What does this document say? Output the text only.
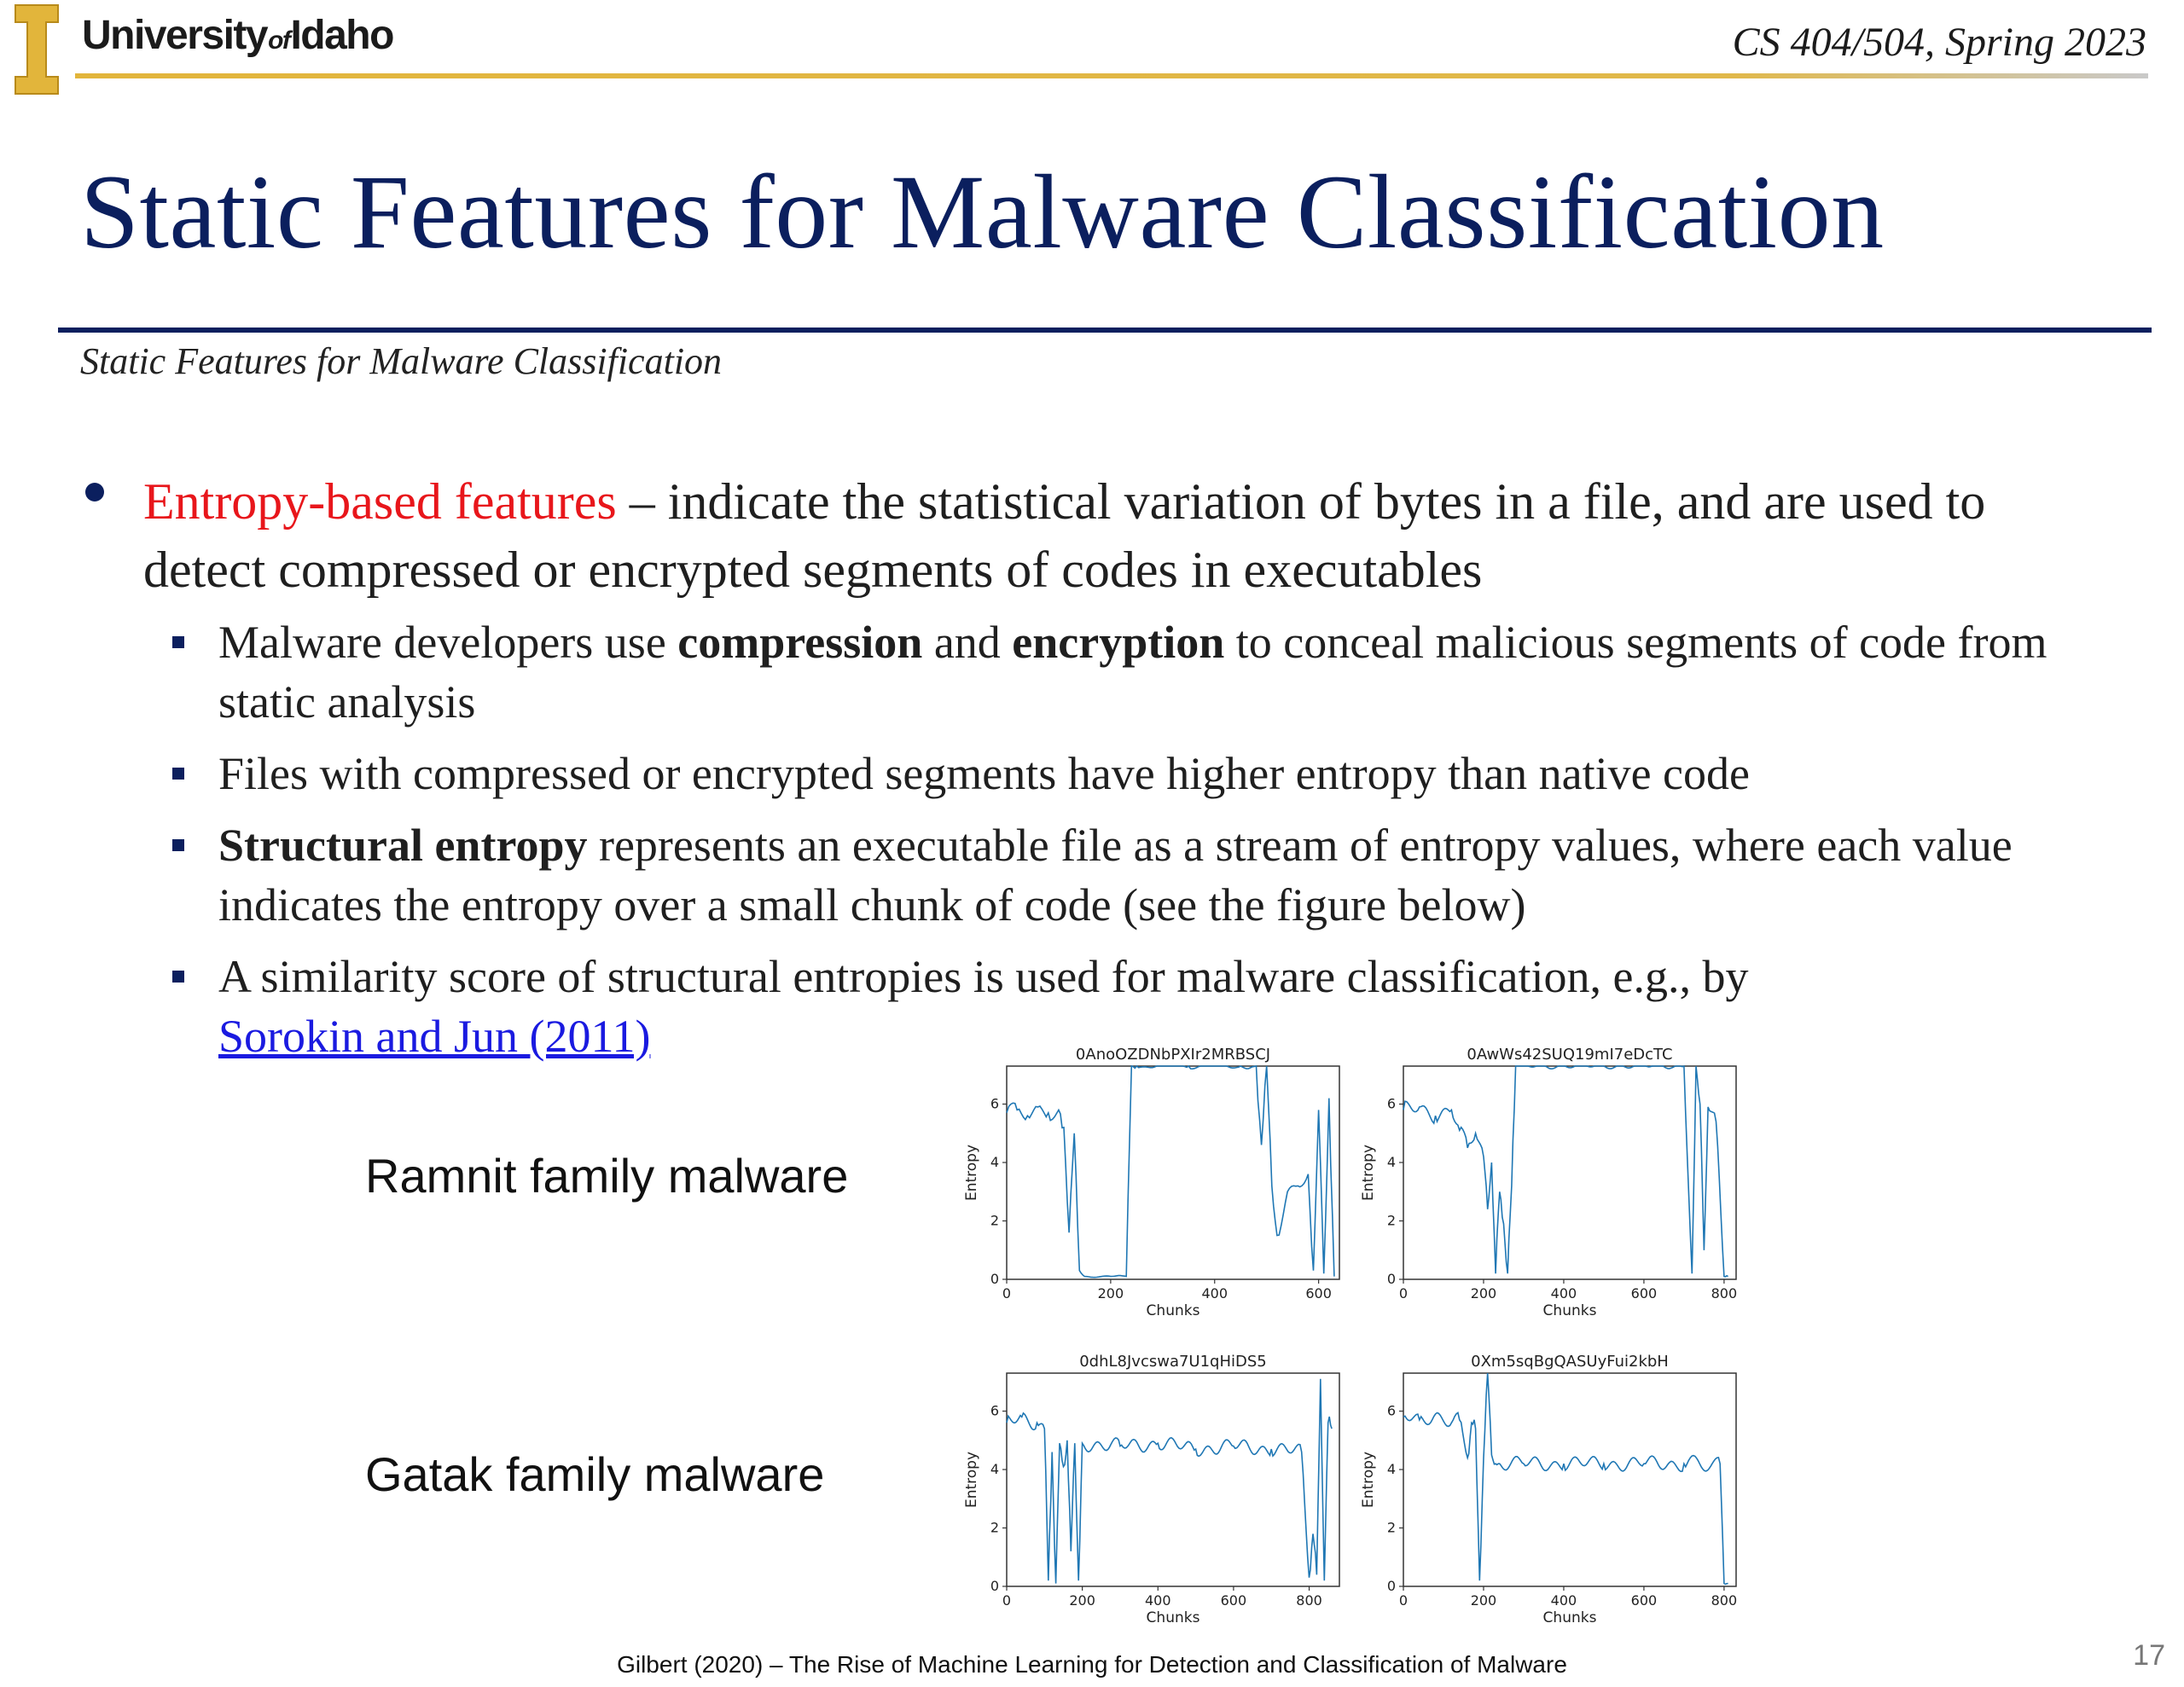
UniversityofIdaho	CS 404/504, Spring 2023
Static Features for Malware Classification
Static Features for Malware Classification
Entropy-based features – indicate the statistical variation of bytes in a file, and are used to detect compressed or encrypted segments of codes in executables
Malware developers use compression and encryption to conceal malicious segments of code from static analysis
Files with compressed or encrypted segments have higher entropy than native code
Structural entropy represents an executable file as a stream of entropy values, where each value indicates the entropy over a small chunk of code (see the figure below)
A similarity score of structural entropies is used for malware classification, e.g., by
Sorokin and Jun (2011)
Ramnit family malware
Gatak family malware
0AnoOZDNbPXIr2MRBSCJ
0	200	400	600
0
2
4
6
Chunks
Entropy
0AwWs42SUQ19mI7eDcTC
0	200	400	600	800
0
2
4
6
Chunks
Entropy
0dhL8Jvcswa7U1qHiDS5
0	200	400	600	800
0
2
4
6
Chunks
Entropy
0Xm5sqBgQASUyFui2kbH
0	200	400	600	800
0
2
4
6
Chunks
Entropy
Gilbert (2020) – The Rise of Machine Learning for Detection and Classification of Malware	17
